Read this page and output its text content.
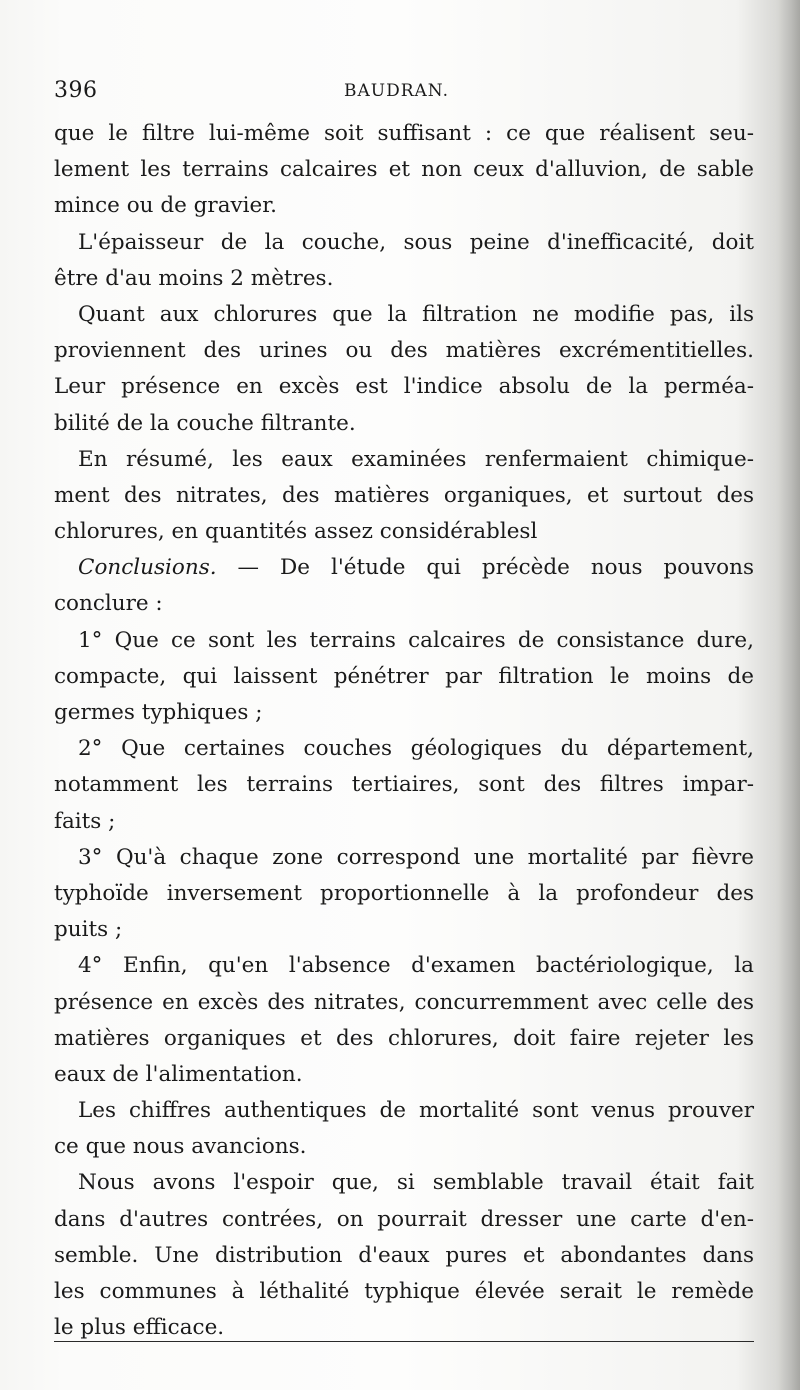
396	BAUDRAN.
que le filtre lui-même soit suffisant : ce que réalisent seu-
lement les terrains calcaires et non ceux d'alluvion, de sable
mince ou de gravier.
L'épaisseur de la couche, sous peine d'inefficacité, doit
être d'au moins 2 mètres.
Quant aux chlorures que la filtration ne modifie pas, ils
proviennent des urines ou des matières excrémentitielles.
Leur présence en excès est l'indice absolu de la perméa-
bilité de la couche filtrante.
En résumé, les eaux examinées renfermaient chimique-
ment des nitrates, des matières organiques, et surtout des
chlorures, en quantités assez considérablesl
Conclusions. — De l'étude qui précède nous pouvons
conclure :
1° Que ce sont les terrains calcaires de consistance dure,
compacte, qui laissent pénétrer par filtration le moins de
germes typhiques ;
2° Que certaines couches géologiques du département,
notamment les terrains tertiaires, sont des filtres impar-
faits ;
3° Qu'à chaque zone correspond une mortalité par fièvre
typhoïde inversement proportionnelle à la profondeur des
puits ;
4° Enfin, qu'en l'absence d'examen bactériologique, la
présence en excès des nitrates, concurremment avec celle des
matières organiques et des chlorures, doit faire rejeter les
eaux de l'alimentation.
Les chiffres authentiques de mortalité sont venus prouver
ce que nous avancions.
Nous avons l'espoir que, si semblable travail était fait
dans d'autres contrées, on pourrait dresser une carte d'en-
semble. Une distribution d'eaux pures et abondantes dans
les communes à léthalité typhique élevée serait le remède
le plus efficace.
